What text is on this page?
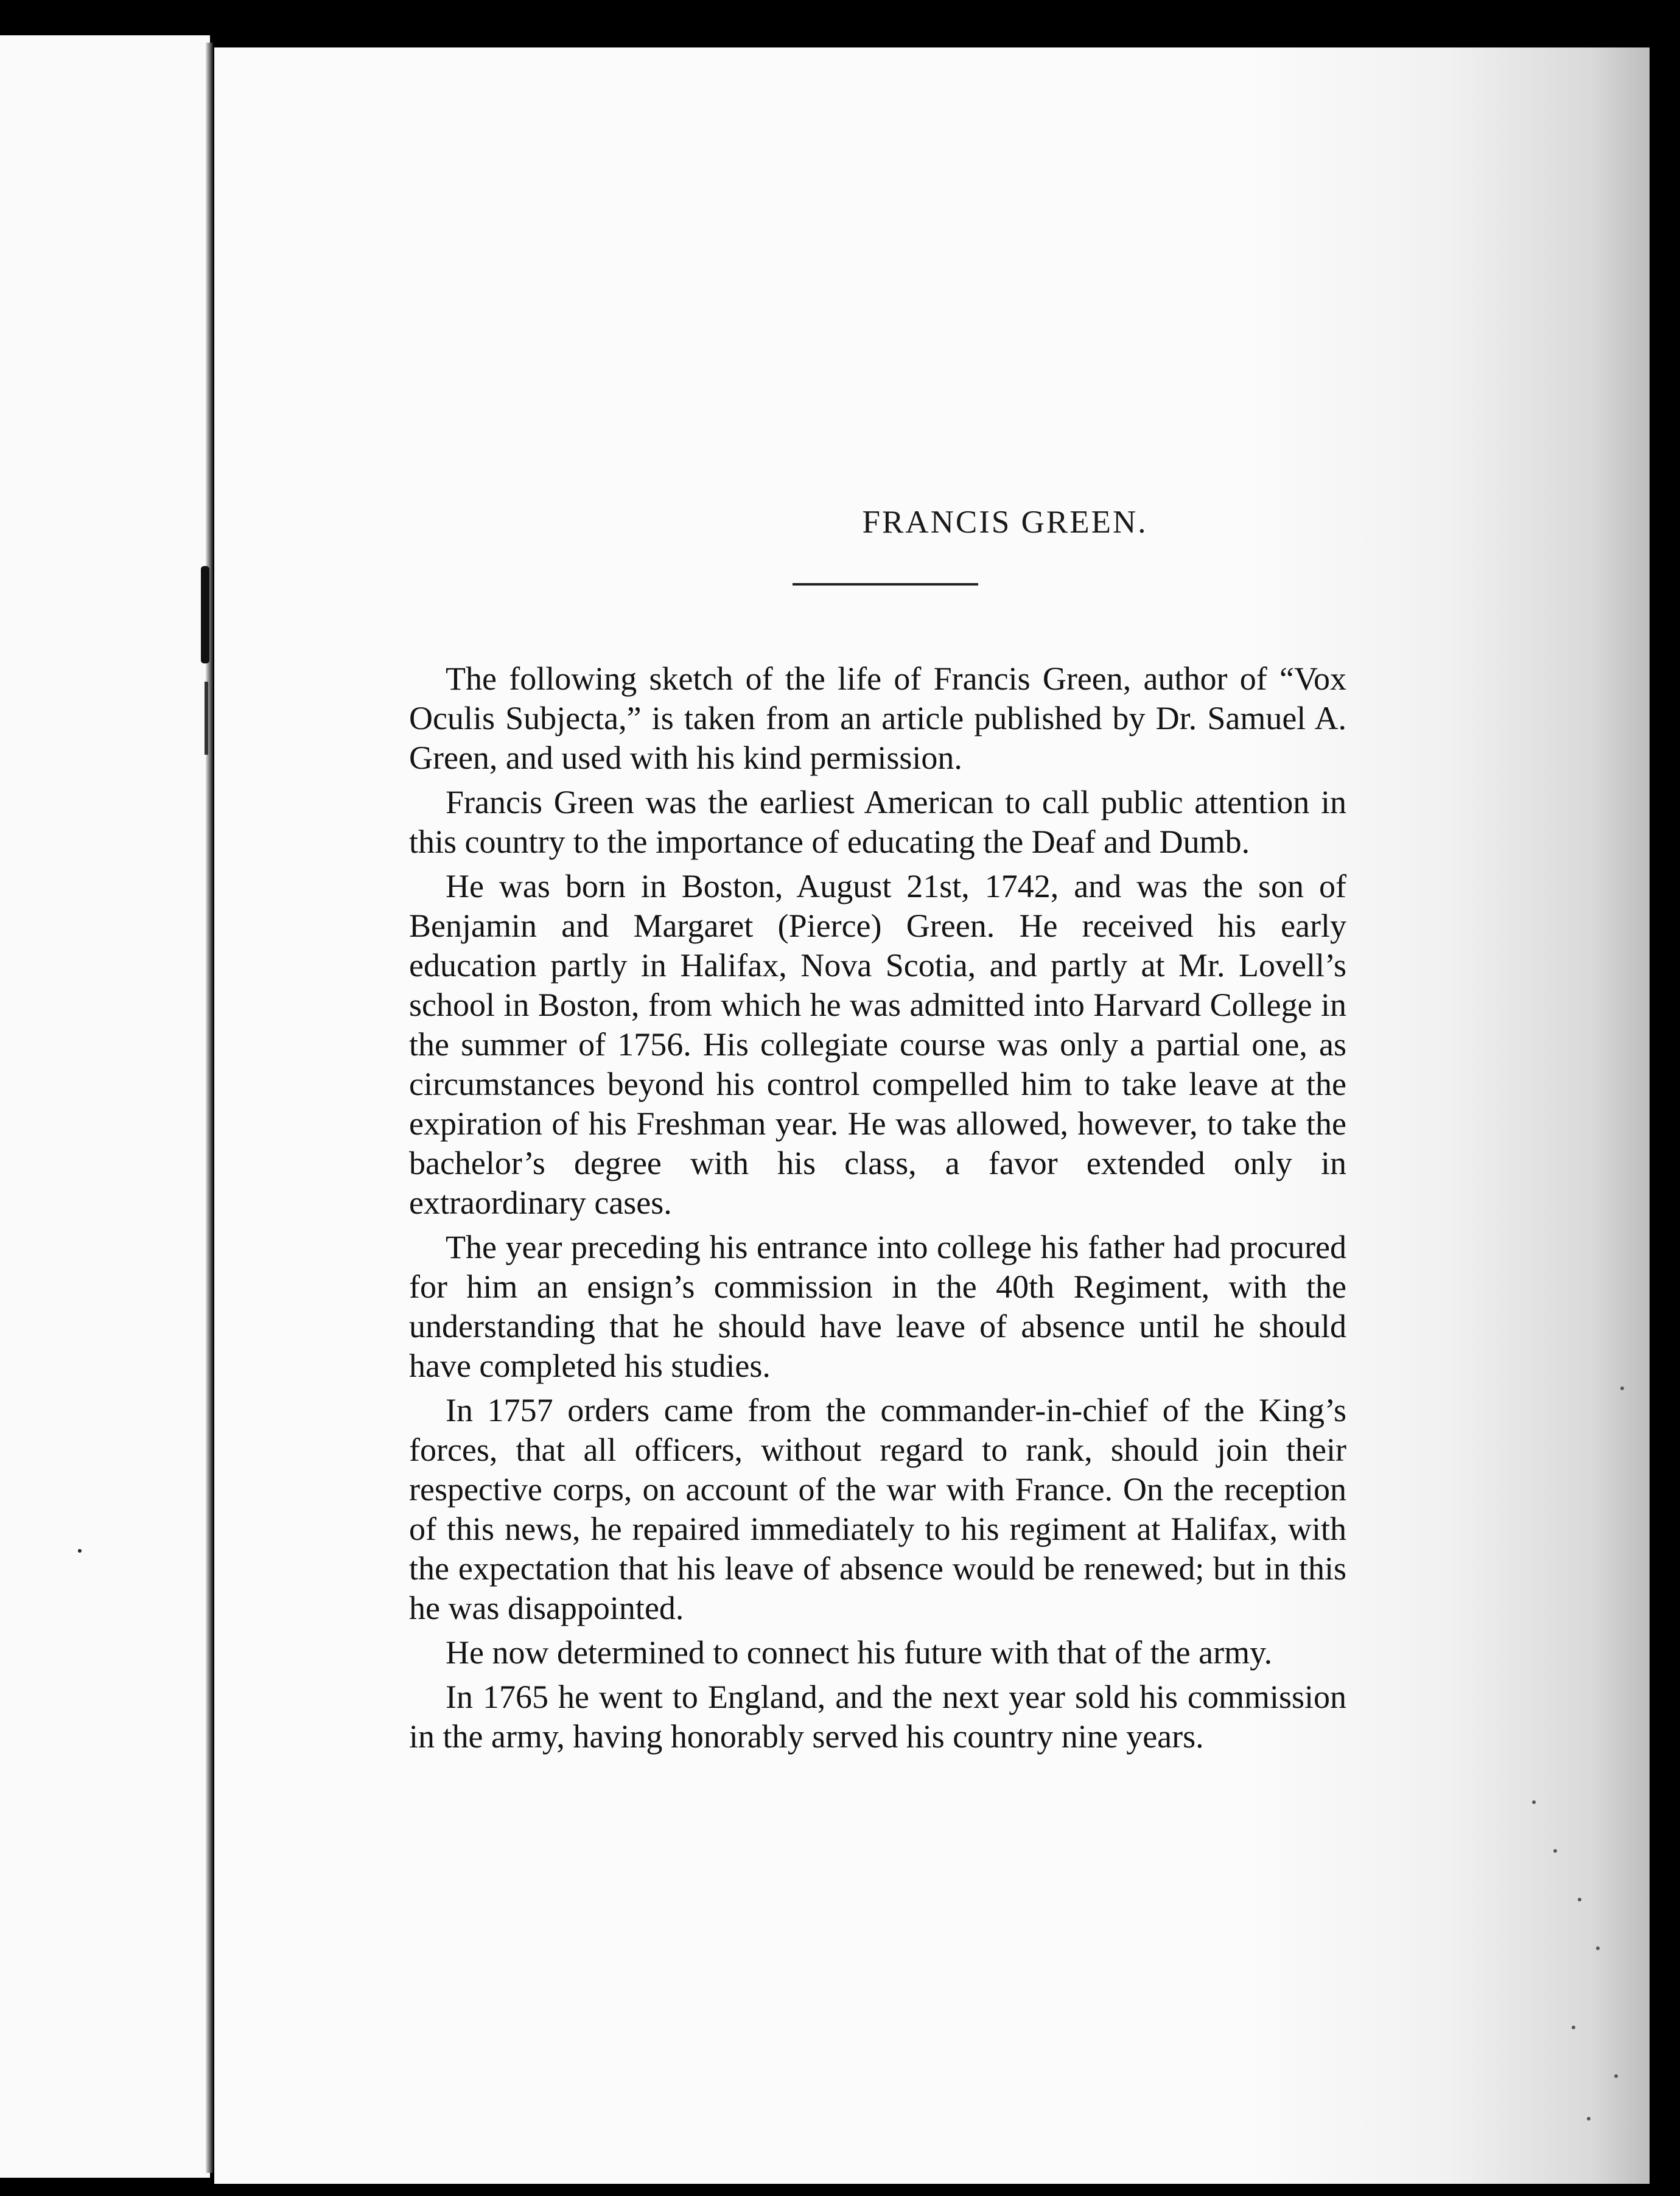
FRANCIS GREEN.

The following sketch of the life of Francis Green, author of “Vox Oculis Subjecta,” is taken from an article published by Dr. Samuel A. Green, and used with his kind permission.

Francis Green was the earliest American to call public attention in this country to the importance of educating the Deaf and Dumb.

He was born in Boston, August 21st, 1742, and was the son of Benjamin and Margaret (Pierce) Green. He received his early education partly in Halifax, Nova Scotia, and partly at Mr. Lovell’s school in Boston, from which he was admitted into Harvard College in the summer of 1756. His collegiate course was only a partial one, as circumstances beyond his control compelled him to take leave at the expiration of his Freshman year. He was allowed, however, to take the bachelor’s degree with his class, a favor extended only in extraordinary cases.

The year preceding his entrance into college his father had procured for him an ensign’s commission in the 40th Regiment, with the understanding that he should have leave of absence until he should have completed his studies.

In 1757 orders came from the commander-in-chief of the King’s forces, that all officers, without regard to rank, should join their respective corps, on account of the war with France. On the reception of this news, he repaired immediately to his regiment at Halifax, with the expectation that his leave of absence would be renewed; but in this he was disappointed.

He now determined to connect his future with that of the army.

In 1765 he went to England, and the next year sold his commission in the army, having honorably served his country nine years.
